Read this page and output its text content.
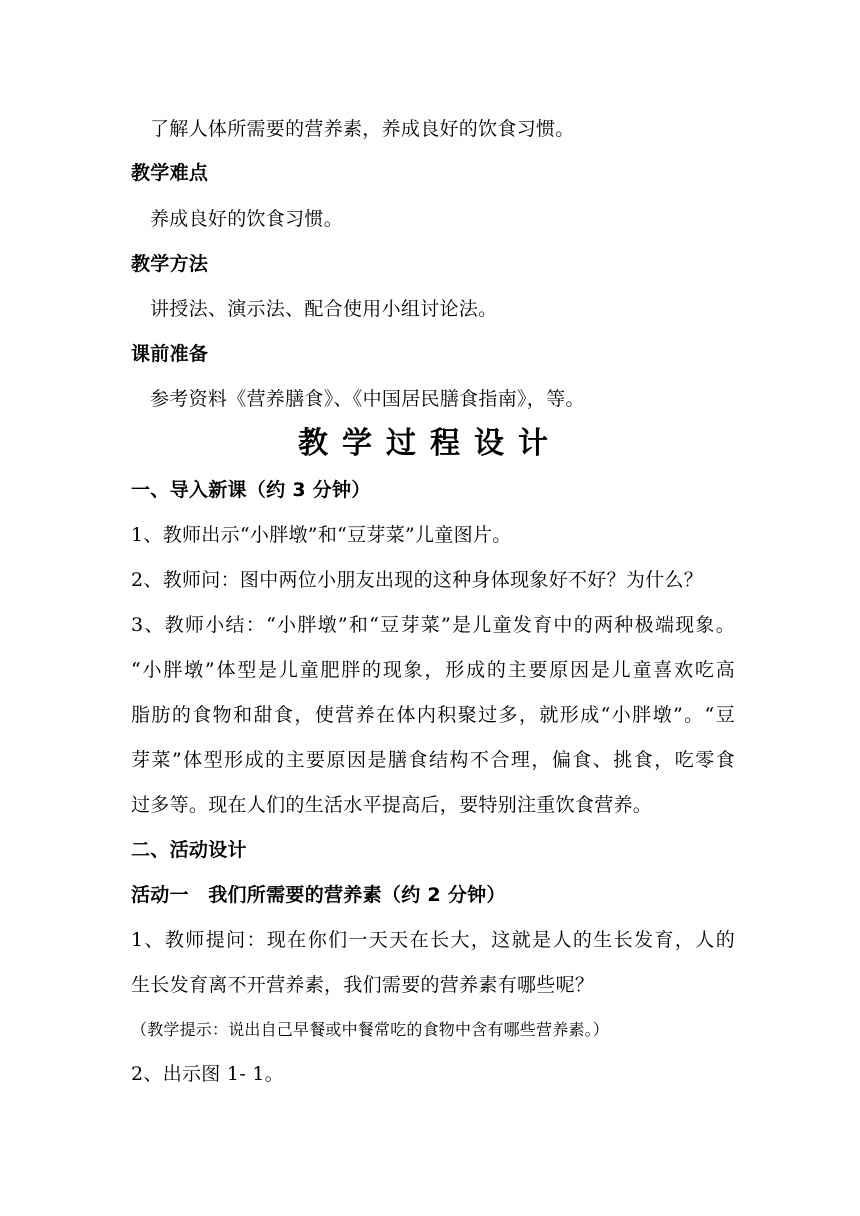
了解人体所需要的营养素，养成良好的饮食习惯。
教学难点
养成良好的饮食习惯。
教学方法
讲授法、演示法、配合使用小组讨论法。
课前准备
参考资料《营养膳食》、《中国居民膳食指南》，等。
教学过程设计
一、导入新课（约 3 分钟）
1、教师出示“小胖墩”和“豆芽菜”儿童图片。
2、教师问：图中两位小朋友出现的这种身体现象好不好？为什么？
3、教师小结：“小胖墩”和“豆芽菜”是儿童发育中的两种极端现象。
“小胖墩”体型是儿童肥胖的现象，形成的主要原因是儿童喜欢吃高
脂肪的食物和甜食，使营养在体内积聚过多，就形成“小胖墩”。“豆
芽菜”体型形成的主要原因是膳食结构不合理，偏食、挑食，吃零食
过多等。现在人们的生活水平提高后，要特别注重饮食营养。
二、活动设计
活动一　我们所需要的营养素（约 2 分钟）
1、教师提问：现在你们一天天在长大，这就是人的生长发育，人的
生长发育离不开营养素，我们需要的营养素有哪些呢？
（教学提示：说出自己早餐或中餐常吃的食物中含有哪些营养素。）
2、出示图 1- 1。
